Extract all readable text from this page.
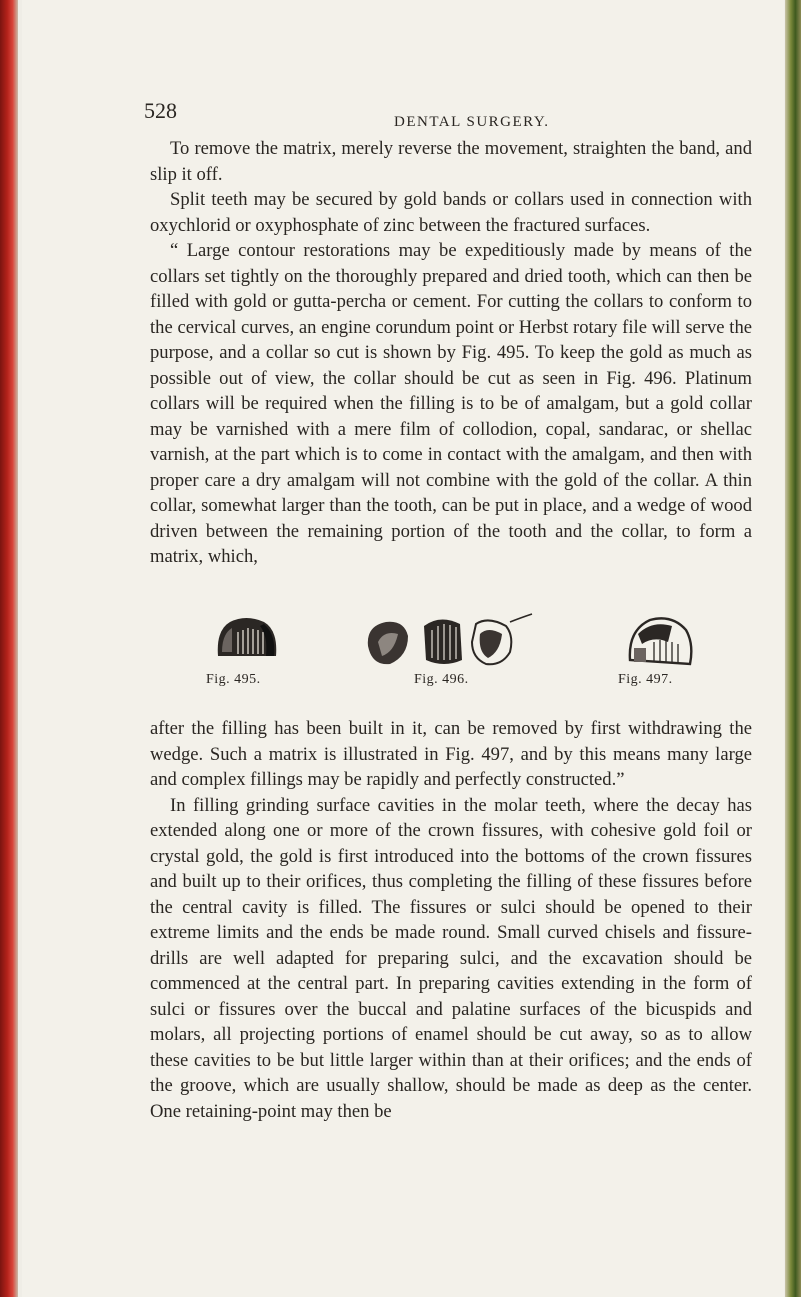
528	DENTAL SURGERY.

To remove the matrix, merely reverse the movement, straighten the band, and slip it off.

Split teeth may be secured by gold bands or collars used in connection with oxychlorid or oxyphosphate of zinc between the fractured surfaces.

“ Large contour restorations may be expeditiously made by means of the collars set tightly on the thoroughly prepared and dried tooth, which can then be filled with gold or gutta-percha or cement. For cutting the collars to conform to the cervical curves, an engine corundum point or Herbst rotary file will serve the purpose, and a collar so cut is shown by Fig. 495. To keep the gold as much as possible out of view, the collar should be cut as seen in Fig. 496. Platinum collars will be required when the filling is to be of amalgam, but a gold collar may be varnished with a mere film of collodion, copal, sandarac, or shellac varnish, at the part which is to come in contact with the amalgam, and then with proper care a dry amalgam will not combine with the gold of the collar. A thin collar, somewhat larger than the tooth, can be put in place, and a wedge of wood driven between the remaining portion of the tooth and the collar, to form a matrix, which,

Fig. 495.	Fig. 496.	Fig. 497.

after the filling has been built in it, can be removed by first withdrawing the wedge. Such a matrix is illustrated in Fig. 497, and by this means many large and complex fillings may be rapidly and perfectly constructed.”

In filling grinding surface cavities in the molar teeth, where the decay has extended along one or more of the crown fissures, with cohesive gold foil or crystal gold, the gold is first introduced into the bottoms of the crown fissures and built up to their orifices, thus completing the filling of these fissures before the central cavity is filled. The fissures or sulci should be opened to their extreme limits and the ends be made round. Small curved chisels and fissure-drills are well adapted for preparing sulci, and the excavation should be commenced at the central part. In preparing cavities extending in the form of sulci or fissures over the buccal and palatine surfaces of the bicuspids and molars, all projecting portions of enamel should be cut away, so as to allow these cavities to be but little larger within than at their orifices; and the ends of the groove, which are usually shallow, should be made as deep as the center. One retaining-point may then be
